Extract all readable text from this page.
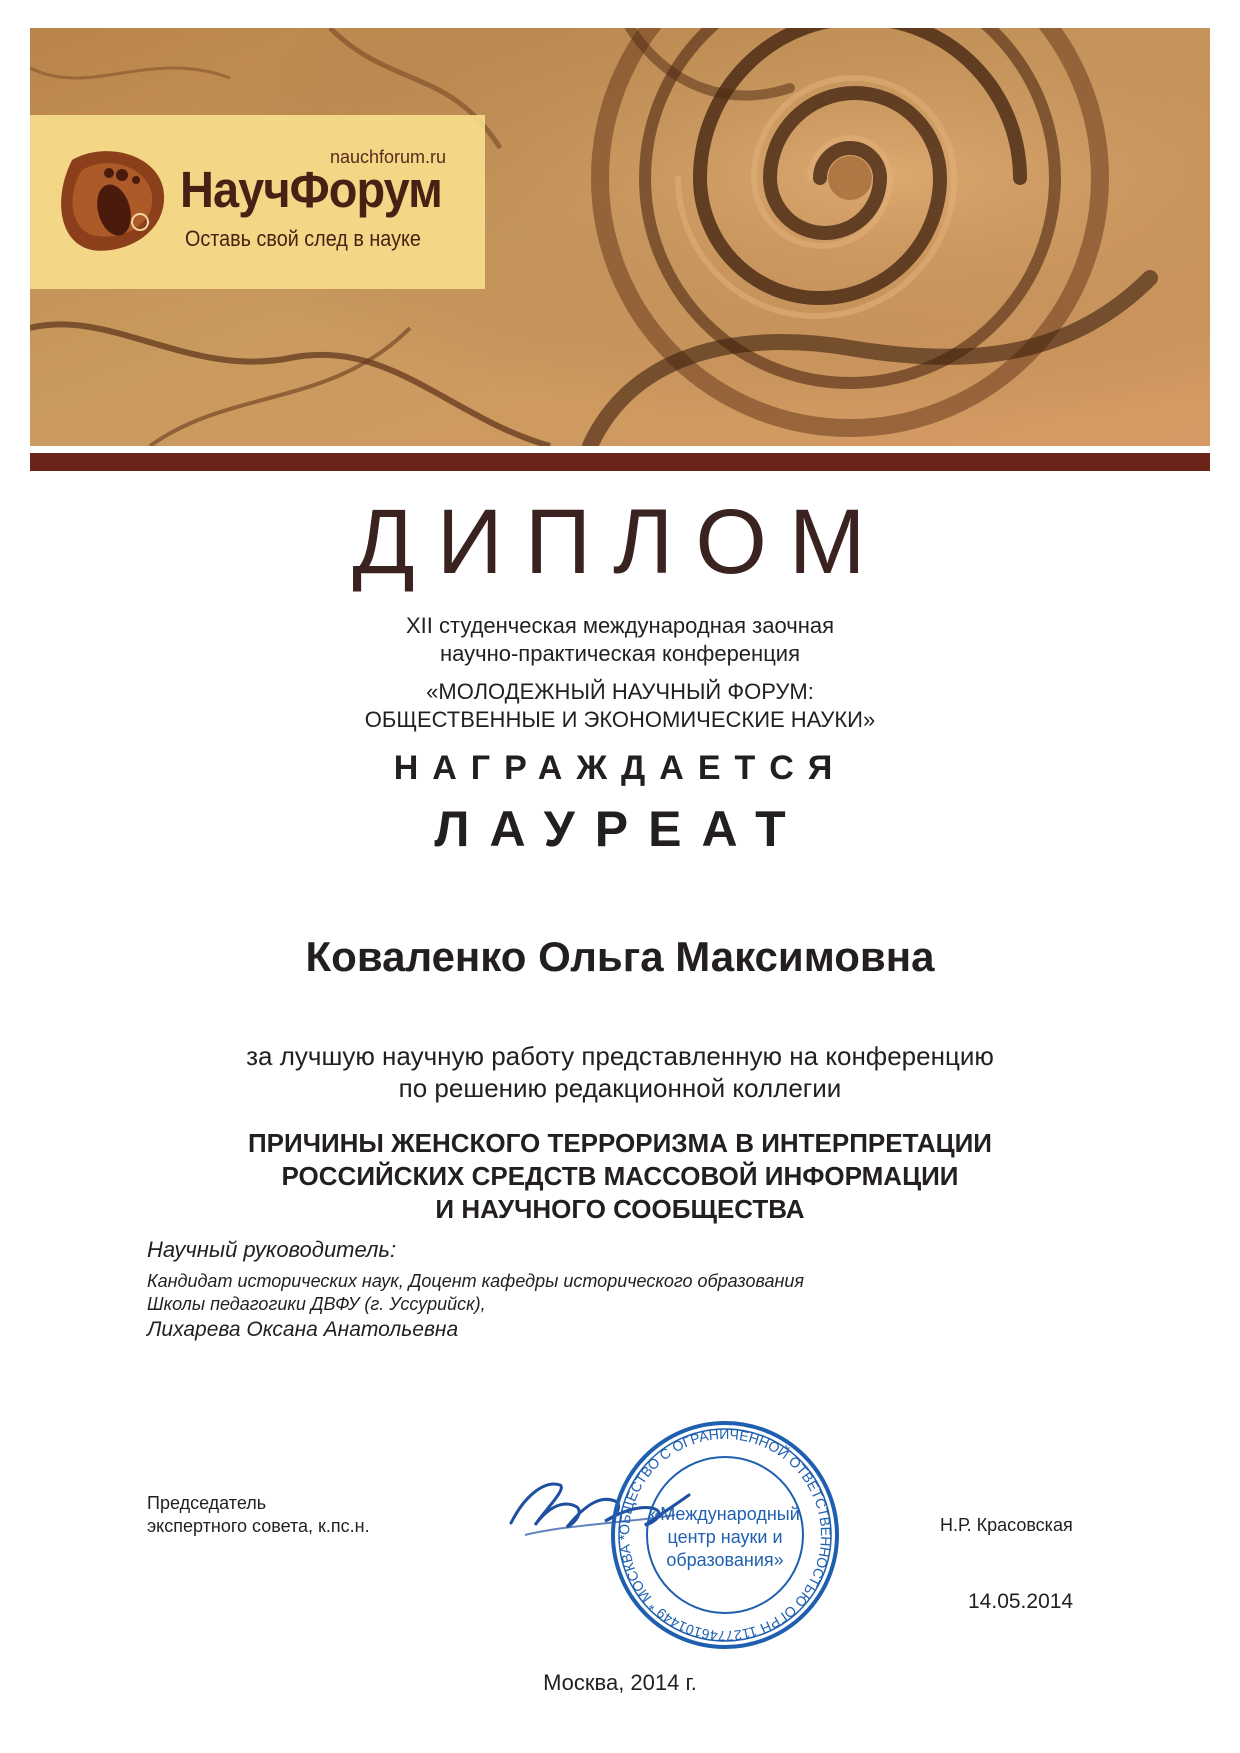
nauchforum.ru
НаучФорум
Оставь свой след в науке
ДИПЛОМ
XII студенческая международная заочная
научно-практическая конференция
«МОЛОДЕЖНЫЙ НАУЧНЫЙ ФОРУМ:
ОБЩЕСТВЕННЫЕ И ЭКОНОМИЧЕСКИЕ НАУКИ»
НАГРАЖДАЕТСЯ
ЛАУРЕАТ
Коваленко Ольга Максимовна
за лучшую научную работу представленную на конференцию
по решению редакционной коллегии
ПРИЧИНЫ ЖЕНСКОГО ТЕРРОРИЗМА В ИНТЕРПРЕТАЦИИ
РОССИЙСКИХ СРЕДСТВ МАССОВОЙ ИНФОРМАЦИИ
И НАУЧНОГО СООБЩЕСТВА
Научный руководитель:
Кандидат исторических наук, Доцент кафедры исторического образования
Школы педагогики ДВФУ (г. Уссурийск),
Лихарева Оксана Анатольевна
Председатель
экспертного совета, к.пс.н.	ОБЩЕСТВО С ОГРАНИЧЕННОЙ ОТВЕТСТВЕННОСТЬЮ ОГРН 1127746101449 * МОСКВА *
«Международный
центр науки и
образования»
Н.Р. Красовская
14.05.2014
Москва, 2014 г.
